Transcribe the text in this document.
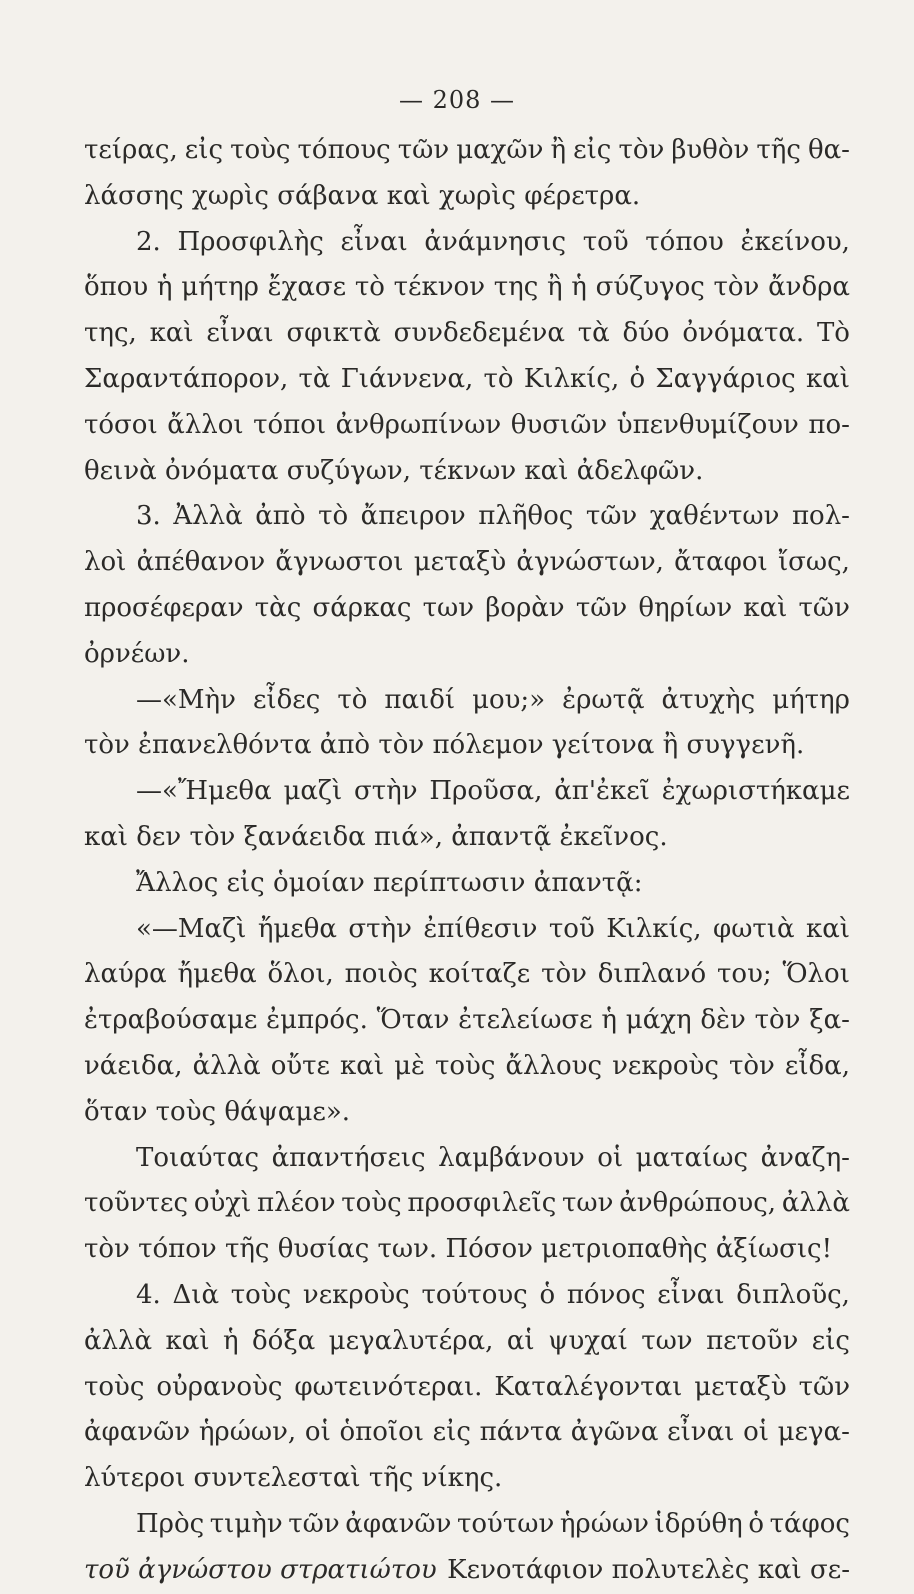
— 208 —
τείρας, εἰς τοὺς τόπους τῶν μαχῶν ἢ εἰς τὸν βυθὸν τῆς θα-
λάσσης χωρὶς σάβανα καὶ χωρὶς φέρετρα.
2. Προσφιλὴς εἶναι ἀνάμνησις τοῦ τόπου ἐκείνου,
ὅπου ἡ μήτηρ ἔχασε τὸ τέκνον της ἢ ἡ σύζυγος τὸν ἄνδρα
της, καὶ εἶναι σφικτὰ συνδεδεμένα τὰ δύο ὀνόματα. Τὸ
Σαραντάπορον, τὰ Γιάννενα, τὸ Κιλκίς, ὁ Σαγγάριος καὶ
τόσοι ἄλλοι τόποι ἀνθρωπίνων θυσιῶν ὑπενθυμίζουν πο-
θεινὰ ὀνόματα συζύγων, τέκνων καὶ ἀδελφῶν.
3. Ἀλλὰ ἀπὸ τὸ ἄπειρον πλῆθος τῶν χαθέντων πολ-
λοὶ ἀπέθανον ἄγνωστοι μεταξὺ ἀγνώστων, ἄταφοι ἴσως,
προσέφεραν τὰς σάρκας των βορὰν τῶν θηρίων καὶ τῶν
ὀρνέων.
—«Μὴν εἶδες τὸ παιδί μου;» ἐρωτᾷ ἀτυχὴς μήτηρ
τὸν ἐπανελθόντα ἀπὸ τὸν πόλεμον γείτονα ἢ συγγενῆ.
—«Ἤμεθα μαζὶ στὴν Προῦσα, ἀπ'ἐκεῖ ἐχωριστήκαμε
καὶ δεν τὸν ξανάειδα πιά», ἀπαντᾷ ἐκεῖνος.
Ἄλλος εἰς ὁμοίαν περίπτωσιν ἀπαντᾷ:
«—Μαζὶ ἤμεθα στὴν ἐπίθεσιν τοῦ Κιλκίς, φωτιὰ καὶ
λαύρα ἤμεθα ὅλοι, ποιὸς κοίταζε τὸν διπλανό του; Ὅλοι
ἐτραβούσαμε ἐμπρός. Ὅταν ἐτελείωσε ἡ μάχη δὲν τὸν ξα-
νάειδα, ἀλλὰ οὔτε καὶ μὲ τοὺς ἄλλους νεκροὺς τὸν εἶδα,
ὅταν τοὺς θάψαμε».
Τοιαύτας ἀπαντήσεις λαμβάνουν οἱ ματαίως ἀναζη-
τοῦντες οὐχὶ πλέον τοὺς προσφιλεῖς των ἀνθρώπους, ἀλλὰ
τὸν τόπον τῆς θυσίας των. Πόσον μετριοπαθὴς ἀξίωσις!
4. Διὰ τοὺς νεκροὺς τούτους ὁ πόνος εἶναι διπλοῦς,
ἀλλὰ καὶ ἡ δόξα μεγαλυτέρα, αἱ ψυχαί των πετοῦν εἰς
τοὺς οὐρανοὺς φωτεινότεραι. Καταλέγονται μεταξὺ τῶν
ἀφανῶν ἡρώων, οἱ ὁποῖοι εἰς πάντα ἀγῶνα εἶναι οἱ μεγα-
λύτεροι συντελεσταὶ τῆς νίκης.
Πρὸς τιμὴν τῶν ἀφανῶν τούτων ἡρώων ἱδρύθη ὁ τάφος
τοῦ ἀγνώστου στρατιώτου Κενοτάφιον πολυτελὲς καὶ σε-
